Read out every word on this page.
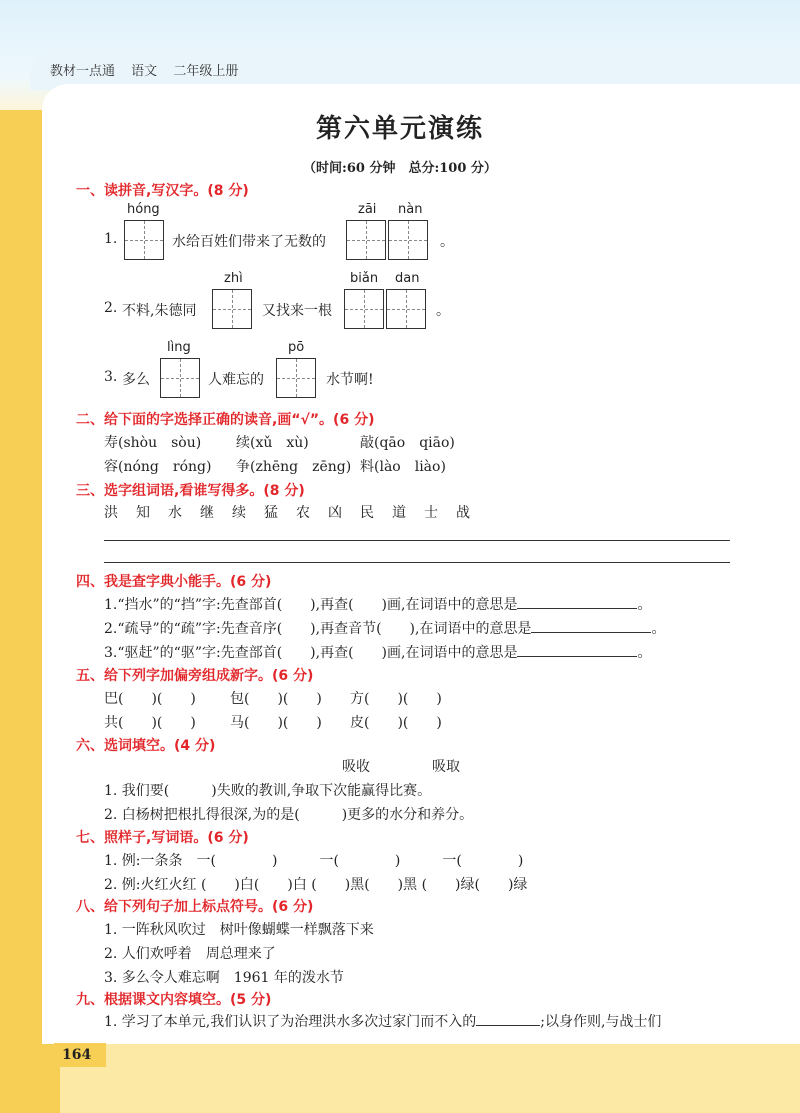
教材一点通 语文 二年级上册
第六单元演练
（时间:60 分钟　总分:100 分）
一、读拼音,写汉字。(8 分)
hóng
1.	水给百姓们带来了无数的
zāi nàn
。
zhì
2. 不料,朱德同	又找来一根
biǎn dan
。
lìng
3. 多么	人难忘的
pō
水节啊!
二、给下面的字选择正确的读音,画“√”。(6 分)
寿(shòu　sòu) 续(xǔ　xù)	敲(qāo　qiāo)
容(nóng　róng) 争(zhēng　zēng) 料(lào　liào)
三、选字组词语,看谁写得多。(8 分)
洪 知 水 继 续 猛 农 凶 民 道 士 战
四、我是查字典小能手。(6 分)
1.“挡水”的“挡”字:先查部首(　　),再查(　　)画,在词语中的意思是	。
2.“疏导”的“疏”字:先查音序(　　),再查音节(　　),在词语中的意思是	。
3.“驱赶”的“驱”字:先查部首(　　),再查(　　)画,在词语中的意思是	。
五、给下列字加偏旁组成新字。(6 分)
巴(　　)(　　) 包(　　)(　　) 方(　　)(　　)
共(　　)(　　) 马(　　)(　　) 皮(　　)(　　)
六、选词填空。(4 分)
吸收	吸取
1. 我们要(　　　)失败的教训,争取下次能赢得比赛。
2. 白杨树把根扎得很深,为的是(　　　)更多的水分和养分。
七、照样子,写词语。(6 分)
1. 例:一条条　一(　　　　)　　　一(　　　　)　　　一(　　　　)
2. 例:火红火红 (　　)白(　　)白 (　　)黑(　　)黑 (　　)绿(　　)绿
八、给下列句子加上标点符号。(6 分)
1. 一阵秋风吹过　树叶像蝴蝶一样飘落下来
2. 人们欢呼着　周总理来了
3. 多么令人难忘啊　1961 年的泼水节
九、根据课文内容填空。(5 分)
1. 学习了本单元,我们认识了为治理洪水多次过家门而不入的	;以身作则,与战士们
164
